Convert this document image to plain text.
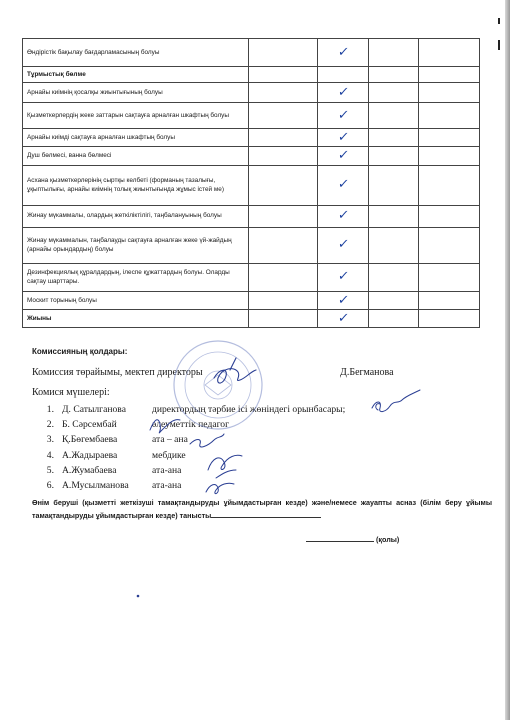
Өндірістік бақылау бағдарламасының болуы		✓		
Тұрмыстық бөлме				
Арнайы киімнің қосалқы жиынтығының болуы		✓		
Қызметкерлердің жеке заттарын сақтауға арналған шкафтың болуы		✓		
Арнайы киімді сақтауға арналған шкафтың болуы		✓		
Душ бөлмесі, ванна бөлмесі		✓		
Асхана қызметкерлерінің сыртқы келбеті (форманың тазалығы, ұқыптылығы, арнайы киімнің толық жиынтығында жұмыс істей ме)		✓		
Жинау мүкаммалы, олардың жеткіліктілігі, таңбалануының болуы		✓		
Жинау мүкаммалын, таңбалауды сақтауға арналған жеке үй-жайдың (арнайы орындардың) болуы		✓		
Дезинфекциялық құралдардың, ілеспе құжаттардың болуы. Оларды сақтау шарттары.		✓		
Москит торының болуы		✓		
Жиыны		✓		
Комиссияның қолдары:
Комиссия төрайымы, мектеп директоры	Д.Бегманова
Комися мүшелері:
1. Д. Сатылганова	директордың тәрбие ісі жөніндегі орынбасары;
2. Б. Сәрсембай	әлеуметтік педагог
3. Қ.Бөгембаева	ата – ана
4. А.Жадыраева	мебдике
5. А.Жумабаева	ата-ана
6. А.Мусылманова	ата-ана
Өнім беруші (қызметті жеткізуші тамақтандыруды ұйымдастырған кезде) және/немесе жауапты асназ (білім беру ұйымы тамақтандыруды ұйымдастырған кезде) танысты
(қолы)
